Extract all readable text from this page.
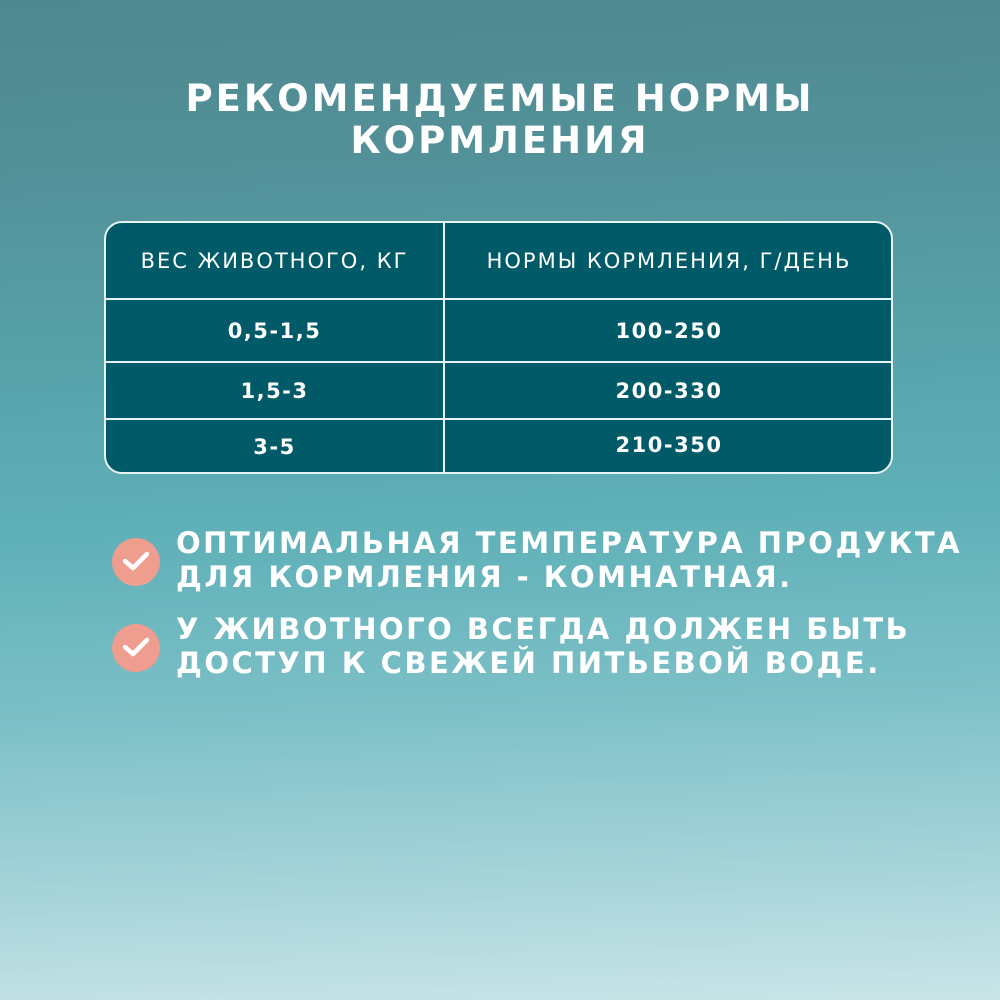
РЕКОМЕНДУЕМЫЕ НОРМЫ
КОРМЛЕНИЯ
ВЕС ЖИВОТНОГО, КГ	НОРМЫ КОРМЛЕНИЯ, Г/ДЕНЬ
0,5-1,5	100-250
1,5-3	200-330
3-5	210-350
ОПТИМАЛЬНАЯ ТЕМПЕРАТУРА ПРОДУКТА
ДЛЯ КОРМЛЕНИЯ - КОМНАТНАЯ.
У ЖИВОТНОГО ВСЕГДА ДОЛЖЕН БЫТЬ
ДОСТУП К СВЕЖЕЙ ПИТЬЕВОЙ ВОДЕ.
